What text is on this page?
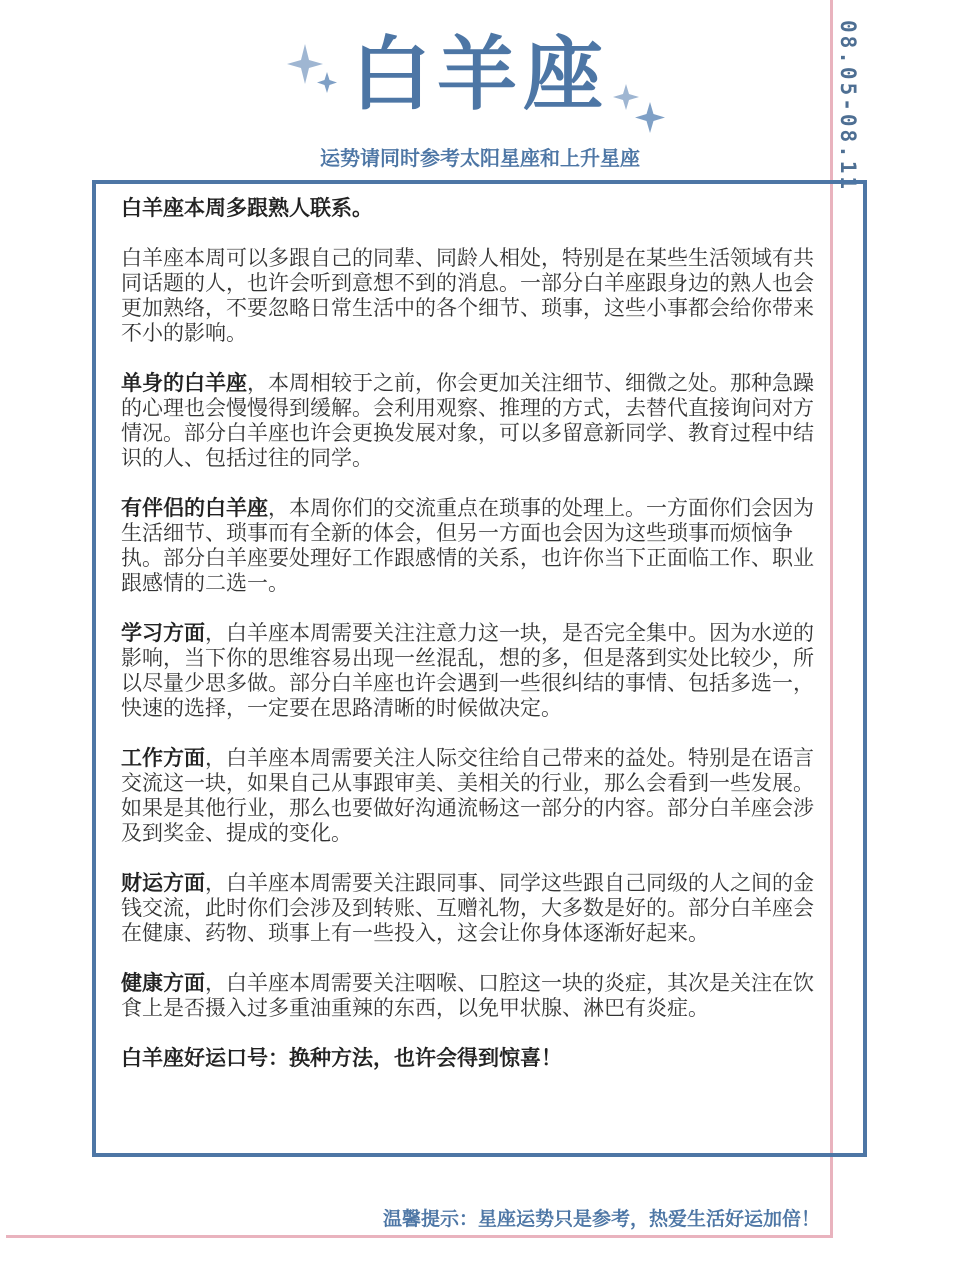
08.05-08.11
白羊座
运势请同时参考太阳星座和上升星座

白羊座本周多跟熟人联系。

白羊座本周可以多跟自己的同辈、同龄人相处，特别是在某些生活领域有共同话题的人，也许会听到意想不到的消息。一部分白羊座跟身边的熟人也会更加熟络，不要忽略日常生活中的各个细节、琐事，这些小事都会给你带来不小的影响。

单身的白羊座，本周相较于之前，你会更加关注细节、细微之处。那种急躁的心理也会慢慢得到缓解。会利用观察、推理的方式，去替代直接询问对方情况。部分白羊座也许会更换发展对象，可以多留意新同学、教育过程中结识的人、包括过往的同学。

有伴侣的白羊座，本周你们的交流重点在琐事的处理上。一方面你们会因为生活细节、琐事而有全新的体会，但另一方面也会因为这些琐事而烦恼争执。部分白羊座要处理好工作跟感情的关系，也许你当下正面临工作、职业跟感情的二选一。

学习方面，白羊座本周需要关注注意力这一块，是否完全集中。因为水逆的影响，当下你的思维容易出现一丝混乱，想的多，但是落到实处比较少，所以尽量少思多做。部分白羊座也许会遇到一些很纠结的事情、包括多选一，快速的选择，一定要在思路清晰的时候做决定。

工作方面，白羊座本周需要关注人际交往给自己带来的益处。特别是在语言交流这一块，如果自己从事跟审美、美相关的行业，那么会看到一些发展。如果是其他行业，那么也要做好沟通流畅这一部分的内容。部分白羊座会涉及到奖金、提成的变化。

财运方面，白羊座本周需要关注跟同事、同学这些跟自己同级的人之间的金钱交流，此时你们会涉及到转账、互赠礼物，大多数是好的。部分白羊座会在健康、药物、琐事上有一些投入，这会让你身体逐渐好起来。

健康方面，白羊座本周需要关注咽喉、口腔这一块的炎症，其次是关注在饮食上是否摄入过多重油重辣的东西，以免甲状腺、淋巴有炎症。

白羊座好运口号：换种方法，也许会得到惊喜！

温馨提示：星座运势只是参考，热爱生活好运加倍！
